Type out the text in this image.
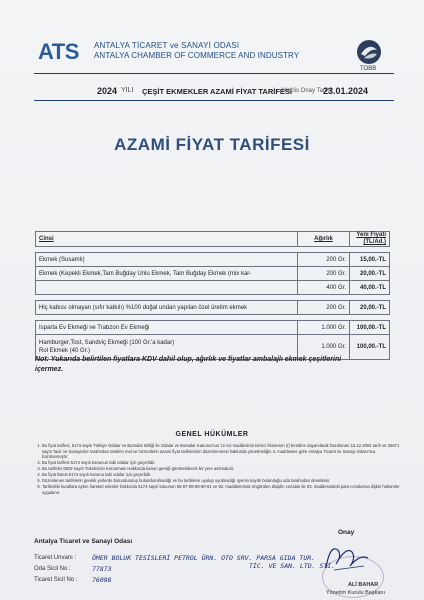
ATS ANTALYA TİCARET ve SANAYİ ODASI
ANTALYA CHAMBER OF COMMERCE AND INDUSTRY
TOBB
2024 YILI ÇEŞİT EKMEKLER AZAMİ FİYAT TARİFESİ
Meclis Onay Tarihi
23.01.2024
AZAMİ FİYAT TARİFESİ
Cinsi	Ağırlık	Yeni Fiyatı
(TL/Ad.)

Ekmek (Susamlı)	200 Gr.	15,00.-TL
Ekmek (Kepekli Ekmek,Tam Buğday Unlu Ekmek, Tam Buğday Ekmek (mix kar-	200 Gr.	20,00.-TL
	400 Gr.	40,00.-TL

Hiç katkısı olmayan (sıfır katkılı) %100 doğal undan yapılan özel üretim ekmek	200 Gr.	20,00.-TL

Isparta Ev Ekmeği ve Trabzon Ev Ekmeği	1.000 Gr.	100,00.-TL

Hamburger,Tost, Sandviç Ekmeği (100 Gr.'a kadar)
Rol Ekmek (40 Gr.)	1.000 Gr.	100,00.-TL
Not: Yukarıda belirtilen fiyatlara KDV dahil olup, ağırlık ve fiyatlar ambalajlı ekmek çeşitlerini içermez.
GENEL HÜKÜMLER
1. Bu fiyat tarifesi, 5174 sayılı Türkiye Odalar ve Borsalar Birliği ile Odalar ve Borsalar Kanunu'nun 12 nci maddesinin birinci fıkrasının (r) bendine dayanılarak hazırlanan 15.12.2004 tarih ve 25671 sayılı Tacir ve Sanayiciler tarafından üretilen mal ve hizmetlerin azami fiyat tarifelerinin düzenlenmesi hakkında yönetmeliğin 4. maddesine göre Antalya Ticaret ve Sanayi Odası'nca hazırlanmıştır.
2. Bu fiyat tarifesi 5174 sayılı kanunun tabi odalar için geçerlidir.
3. Bu tarifeler 6502 sayılı Tüketicinin Korunması Hakkında kanun gereği görünebilecek bir yere asılmalıdır.
4. Bu fiyat listesi 5174 sayılı kanuna tabi odalar için geçerlidir.
5. Düzenlenen tarifelerin gerekli yerlerde bulundurulup bulundurulmadığı ve bu tarifelere uyulup uyulmadığı üyenin kayıtlı bulunduğu oda tarafından denetlenir.
6. Tarifedeki kurallara aykırı hareket edenler hakkında 5174 sayılı kanunun 86-87-88-89-90-91 ve 92. maddelerinde öngörülen disiplin cezaları ile 93. maddesindeki para cezalarına ilişkin hükümler uygulanır.
Onay
Antalya Ticaret ve Sanayi Odası
Ticaret Unvanı : ÖMER BOLUK TESİSLERİ PETROL ÜRN. OTO SRV. PARSA GIDA TUR.
TİC. VE SAN. LTD. STİ.
Oda Sicil No :	77873
Ticaret Sicil No : 76098
ALİ BAHAR
Yönetim Kurulu Başkanı
